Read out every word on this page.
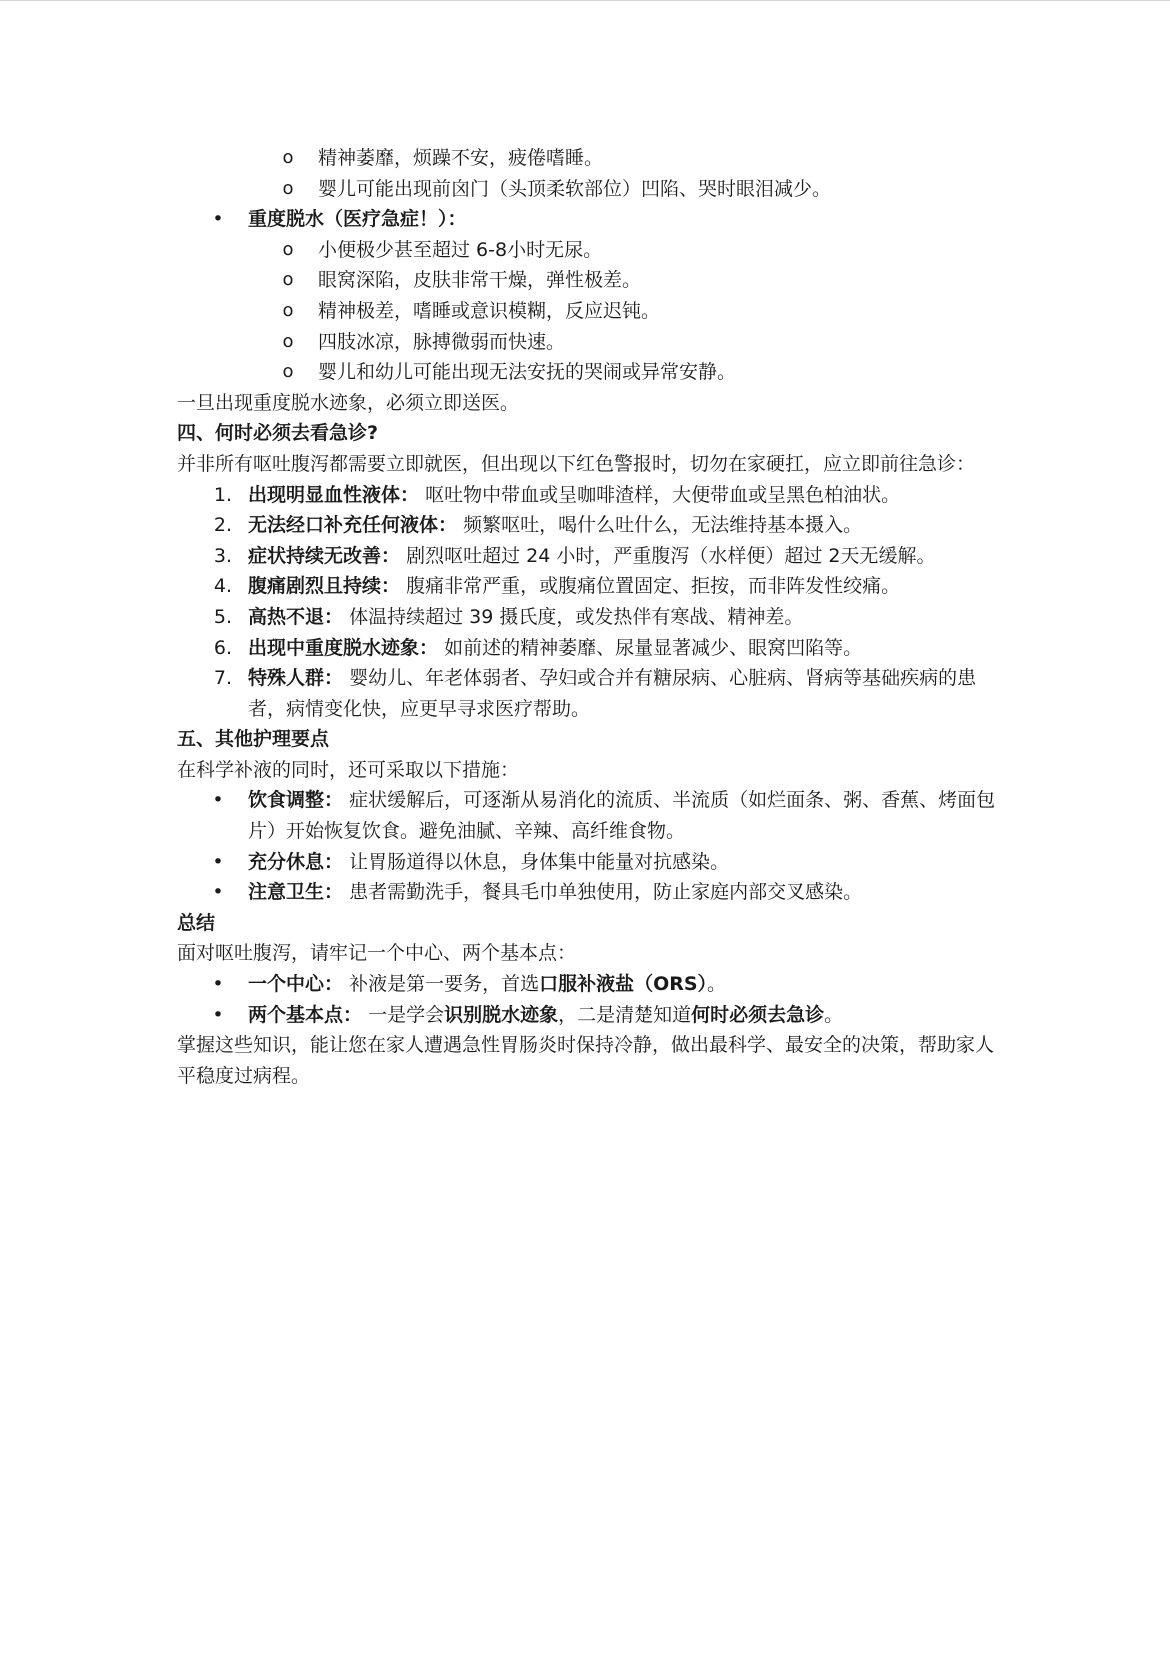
o 精神萎靡，烦躁不安，疲倦嗜睡。
o 婴儿可能出现前囟门（头顶柔软部位）凹陷、哭时眼泪减少。
• 重度脱水（医疗急症！）：
o 小便极少甚至超过 6-8小时无尿。
o 眼窝深陷，皮肤非常干燥，弹性极差。
o 精神极差，嗜睡或意识模糊，反应迟钝。
o 四肢冰凉，脉搏微弱而快速。
o 婴儿和幼儿可能出现无法安抚的哭闹或异常安静。

一旦出现重度脱水迹象，必须立即送医。

四、何时必须去看急诊?

并非所有呕吐腹泻都需要立即就医，但出现以下红色警报时，切勿在家硬扛，应立即前往急诊：

1. 出现明显血性液体： 呕吐物中带血或呈咖啡渣样，大便带血或呈黑色柏油状。
2. 无法经口补充任何液体： 频繁呕吐，喝什么吐什么，无法维持基本摄入。
3. 症状持续无改善： 剧烈呕吐超过 24 小时，严重腹泻（水样便）超过 2天无缓解。
4. 腹痛剧烈且持续： 腹痛非常严重，或腹痛位置固定、拒按，而非阵发性绞痛。
5. 高热不退： 体温持续超过 39 摄氏度，或发热伴有寒战、精神差。
6. 出现中重度脱水迹象： 如前述的精神萎靡、尿量显著减少、眼窝凹陷等。
7. 特殊人群： 婴幼儿、年老体弱者、孕妇或合并有糖尿病、心脏病、肾病等基础疾病的患者，病情变化快，应更早寻求医疗帮助。

五、其他护理要点

在科学补液的同时，还可采取以下措施：

• 饮食调整： 症状缓解后，可逐渐从易消化的流质、半流质（如烂面条、粥、香蕉、烤面包片）开始恢复饮食。避免油腻、辛辣、高纤维食物。
• 充分休息： 让胃肠道得以休息，身体集中能量对抗感染。
• 注意卫生： 患者需勤洗手，餐具毛巾单独使用，防止家庭内部交叉感染。

总结

面对呕吐腹泻，请牢记一个中心、两个基本点：

• 一个中心： 补液是第一要务，首选口服补液盐（ORS）。
• 两个基本点： 一是学会识别脱水迹象，二是清楚知道何时必须去急诊。

掌握这些知识，能让您在家人遭遇急性胃肠炎时保持冷静，做出最科学、最安全的决策，帮助家人平稳度过病程。
